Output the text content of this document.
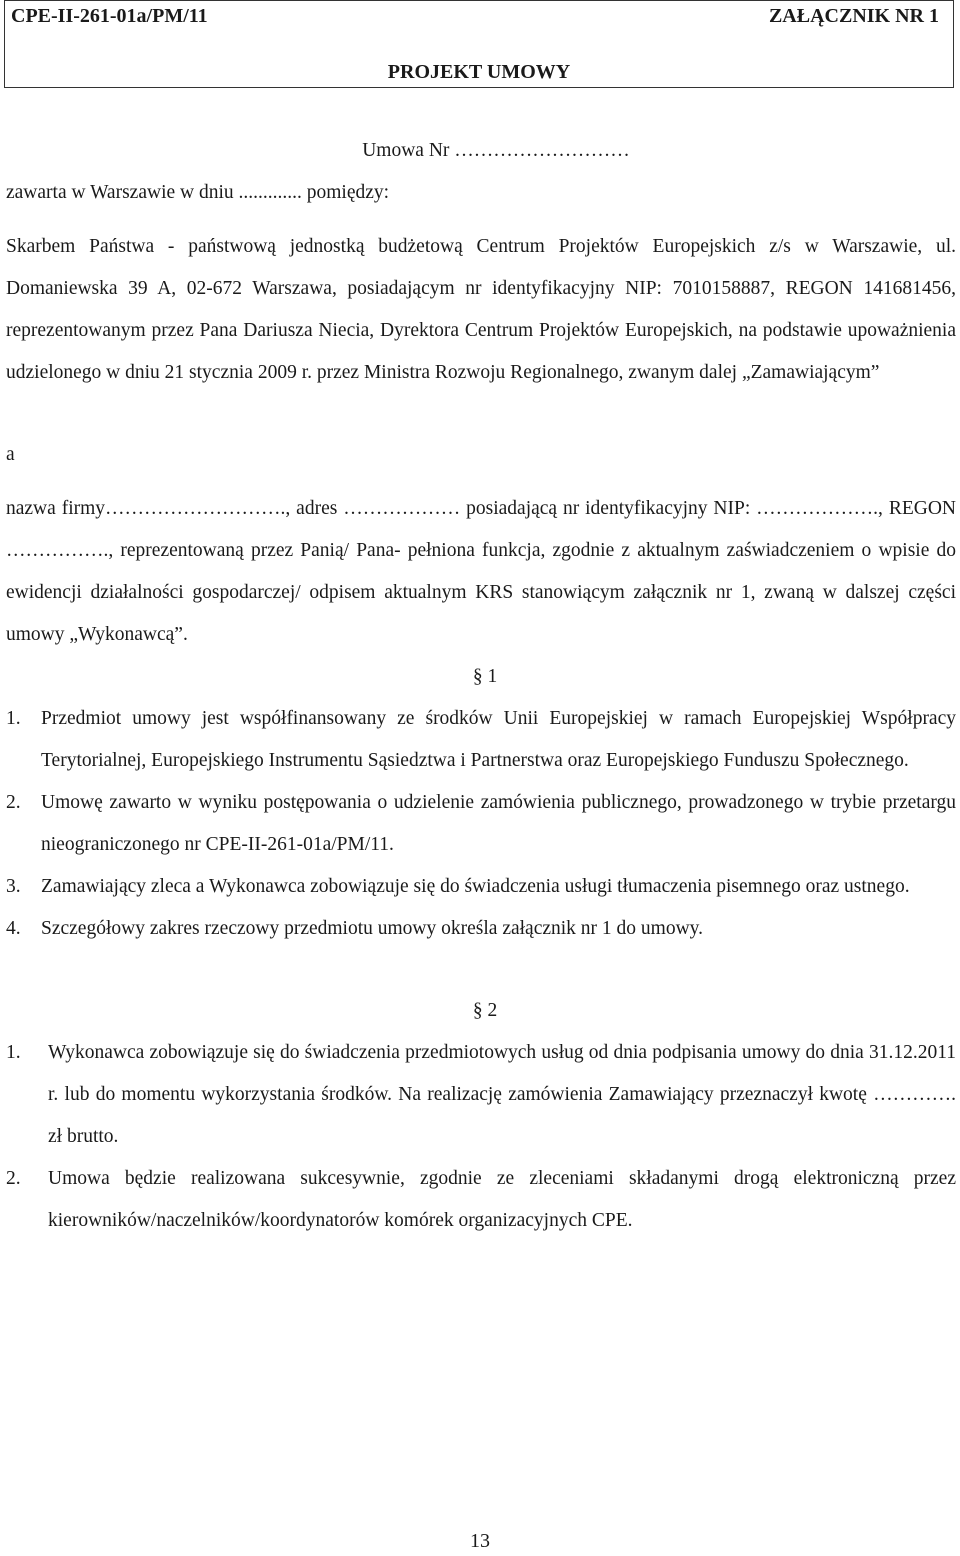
CPE-II-261-01a/PM/11	ZAŁĄCZNIK NR 1
PROJEKT UMOWY

Umowa Nr ………………………

zawarta w Warszawie w dniu ............. pomiędzy:

Skarbem Państwa - państwową jednostką budżetową Centrum Projektów Europejskich z/s w Warszawie, ul. Domaniewska 39 A, 02-672 Warszawa, posiadającym nr identyfikacyjny NIP: 7010158887, REGON 141681456, reprezentowanym przez Pana Dariusza Niecia, Dyrektora Centrum Projektów Europejskich, na podstawie upoważnienia udzielonego w dniu 21 stycznia 2009 r. przez Ministra Rozwoju Regionalnego, zwanym dalej „Zamawiającym”

a

nazwa firmy………………………., adres ……………… posiadającą nr identyfikacyjny NIP: ………………., REGON ……………., reprezentowaną przez Panią/ Pana- pełniona funkcja, zgodnie z aktualnym zaświadczeniem o wpisie do ewidencji działalności gospodarczej/ odpisem aktualnym KRS stanowiącym załącznik nr 1, zwaną w dalszej części umowy „Wykonawcą”.

§ 1

1.	Przedmiot umowy jest współfinansowany ze środków Unii Europejskiej w ramach Europejskiej Współpracy Terytorialnej, Europejskiego Instrumentu Sąsiedztwa i Partnerstwa oraz Europejskiego Funduszu Społecznego.
2.	Umowę zawarto w wyniku postępowania o udzielenie zamówienia publicznego, prowadzonego w trybie przetargu nieograniczonego nr CPE-II-261-01a/PM/11.
3.	Zamawiający zleca a Wykonawca zobowiązuje się do świadczenia usługi tłumaczenia pisemnego oraz ustnego.
4.	Szczegółowy zakres rzeczowy przedmiotu umowy określa załącznik nr 1 do umowy.

§ 2

1.	Wykonawca zobowiązuje się do świadczenia przedmiotowych usług od dnia podpisania umowy do dnia 31.12.2011 r. lub do momentu wykorzystania środków. Na realizację zamówienia Zamawiający przeznaczył kwotę …………. zł brutto.
2.	Umowa będzie realizowana sukcesywnie, zgodnie ze zleceniami składanymi drogą elektroniczną przez kierowników/naczelników/koordynatorów komórek organizacyjnych CPE.
13
